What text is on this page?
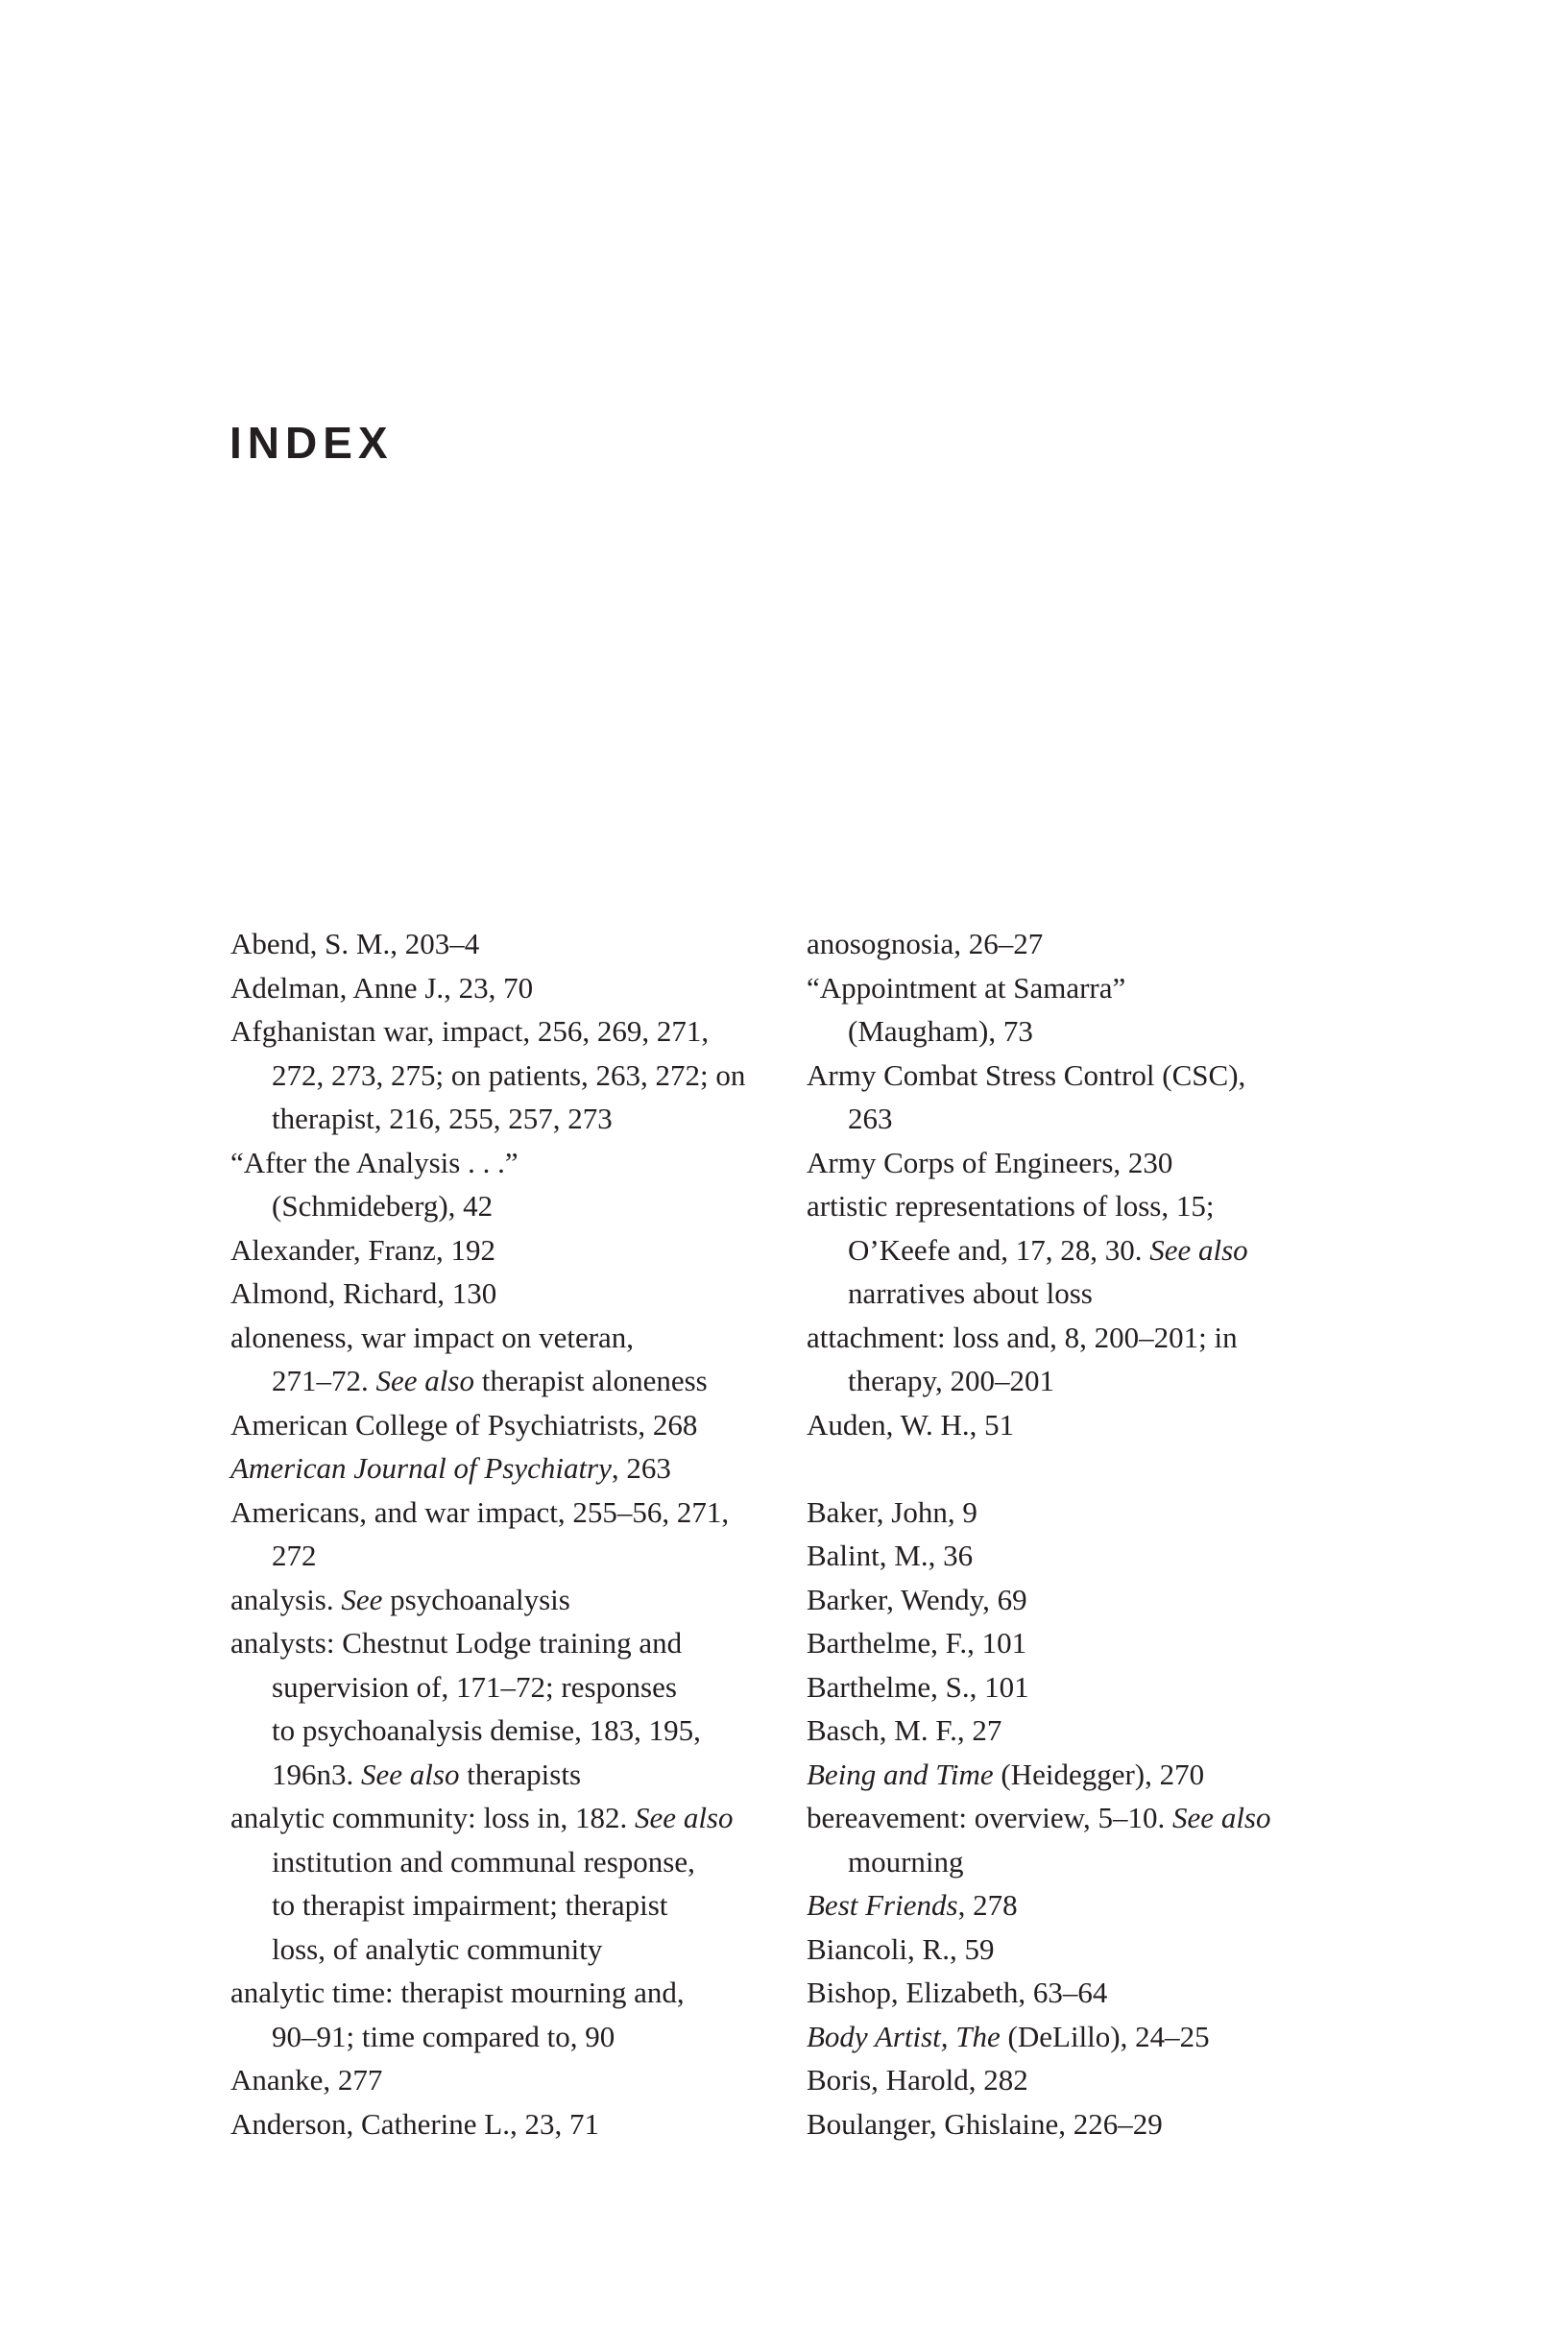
INDEX
Abend, S. M., 203–4
Adelman, Anne J., 23, 70
Afghanistan war, impact, 256, 269, 271,
272, 273, 275; on patients, 263, 272; on
therapist, 216, 255, 257, 273
“After the Analysis . . .”
(Schmideberg), 42
Alexander, Franz, 192
Almond, Richard, 130
aloneness, war impact on veteran,
271–72. See also therapist aloneness
American College of Psychiatrists, 268
American Journal of Psychiatry, 263
Americans, and war impact, 255–56, 271,
272
analysis. See psychoanalysis
analysts: Chestnut Lodge training and
supervision of, 171–72; responses
to psychoanalysis demise, 183, 195,
196n3. See also therapists
analytic community: loss in, 182. See also
institution and communal response,
to therapist impairment; therapist
loss, of analytic community
analytic time: therapist mourning and,
90–91; time compared to, 90
Ananke, 277
Anderson, Catherine L., 23, 71
anosognosia, 26–27
“Appointment at Samarra”
(Maugham), 73
Army Combat Stress Control (CSC),
263
Army Corps of Engineers, 230
artistic representations of loss, 15;
O’Keefe and, 17, 28, 30. See also
narratives about loss
attachment: loss and, 8, 200–201; in
therapy, 200–201
Auden, W. H., 51
Baker, John, 9
Balint, M., 36
Barker, Wendy, 69
Barthelme, F., 101
Barthelme, S., 101
Basch, M. F., 27
Being and Time (Heidegger), 270
bereavement: overview, 5–10. See also
mourning
Best Friends, 278
Biancoli, R., 59
Bishop, Elizabeth, 63–64
Body Artist, The (DeLillo), 24–25
Boris, Harold, 282
Boulanger, Ghislaine, 226–29
